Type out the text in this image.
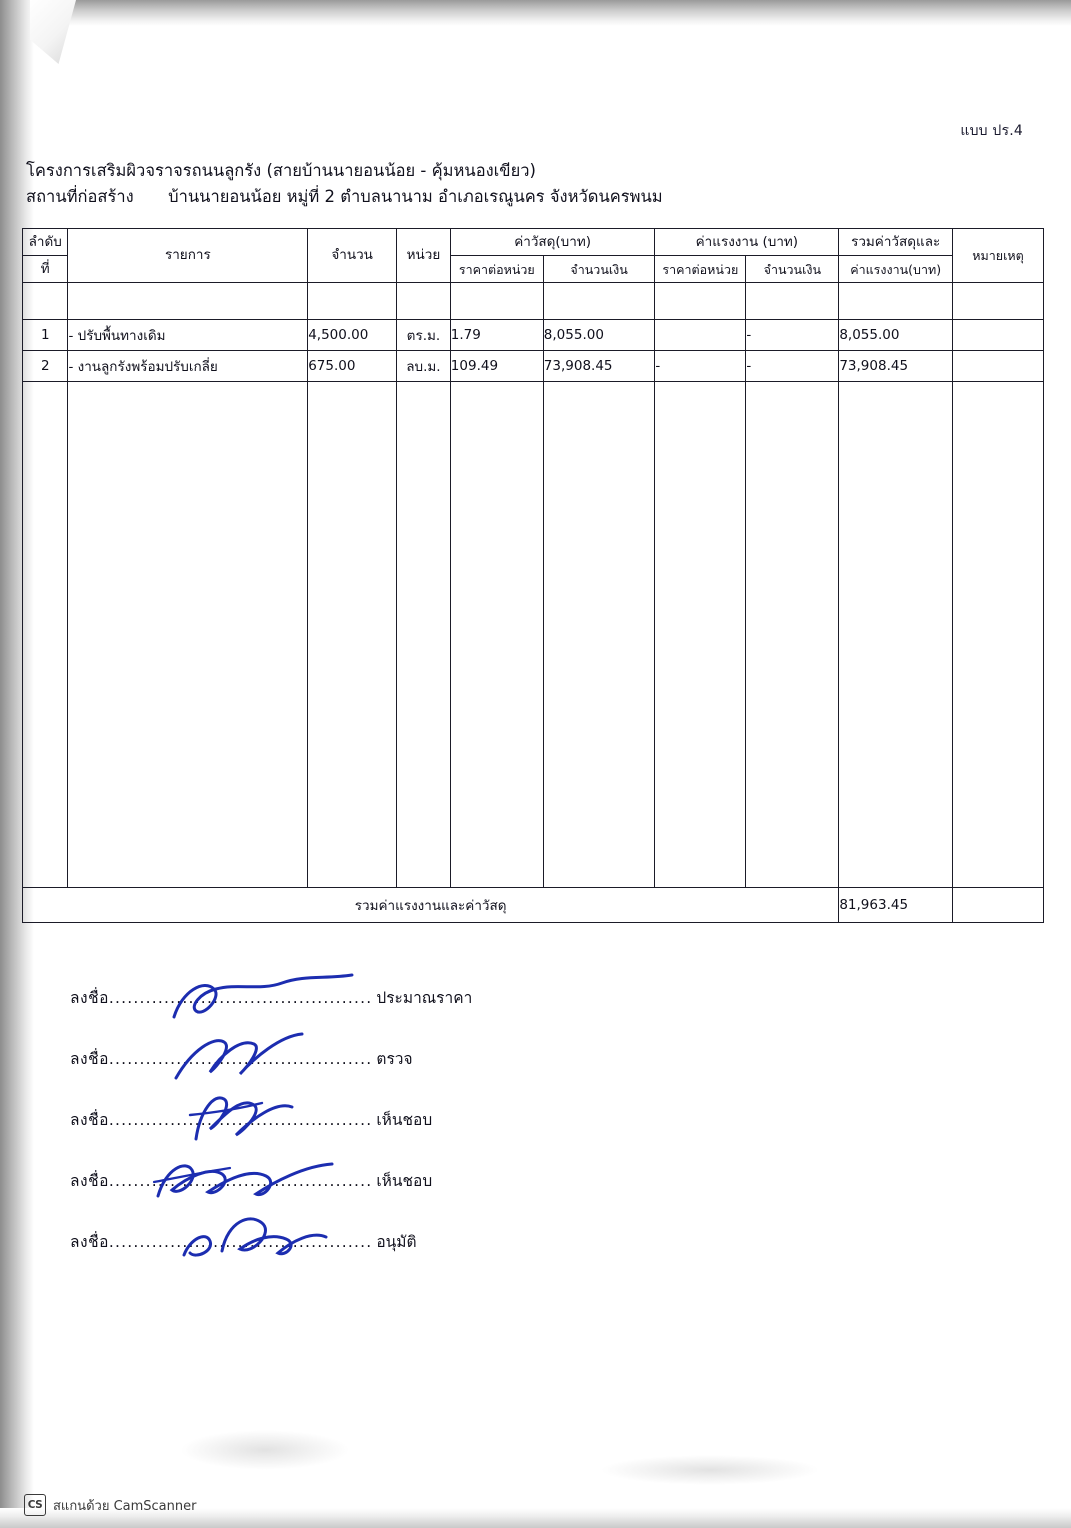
แบบ ปร.4
โครงการเสริมผิวจราจรถนนลูกรัง (สายบ้านนายอนน้อย - คุ้มหนองเขียว)
สถานที่ก่อสร้าง บ้านนายอนน้อย หมู่ที่ 2 ตำบลนานาม อำเภอเรณูนคร จังหวัดนครพนม
ลำดับ	รายการ	จำนวน	หน่วย	ค่าวัสดุ(บาท)		ค่าแรงงาน (บาท)		รวมค่าวัสดุและ	หมายเหตุ
ที่				ราคาต่อหน่วย	จำนวนเงิน	ราคาต่อหน่วย	จำนวนเงิน	ค่าแรงงาน(บาท)	

1	- ปรับพื้นทางเดิม	4,500.00	ตร.ม.	1.79	8,055.00		-	8,055.00	
2	- งานลูกรังพร้อมปรับเกลี่ย	675.00	ลบ.ม.	109.49	73,908.45	-	-	73,908.45	

รวมค่าแรงงานและค่าวัสดุ								81,963.45	
ลงชื่อ........................................... ประมาณราคา
ลงชื่อ........................................... ตรวจ
ลงชื่อ........................................... เห็นชอบ
ลงชื่อ........................................... เห็นชอบ
ลงชื่อ........................................... อนุมัติ
CS สแกนด้วย CamScanner
